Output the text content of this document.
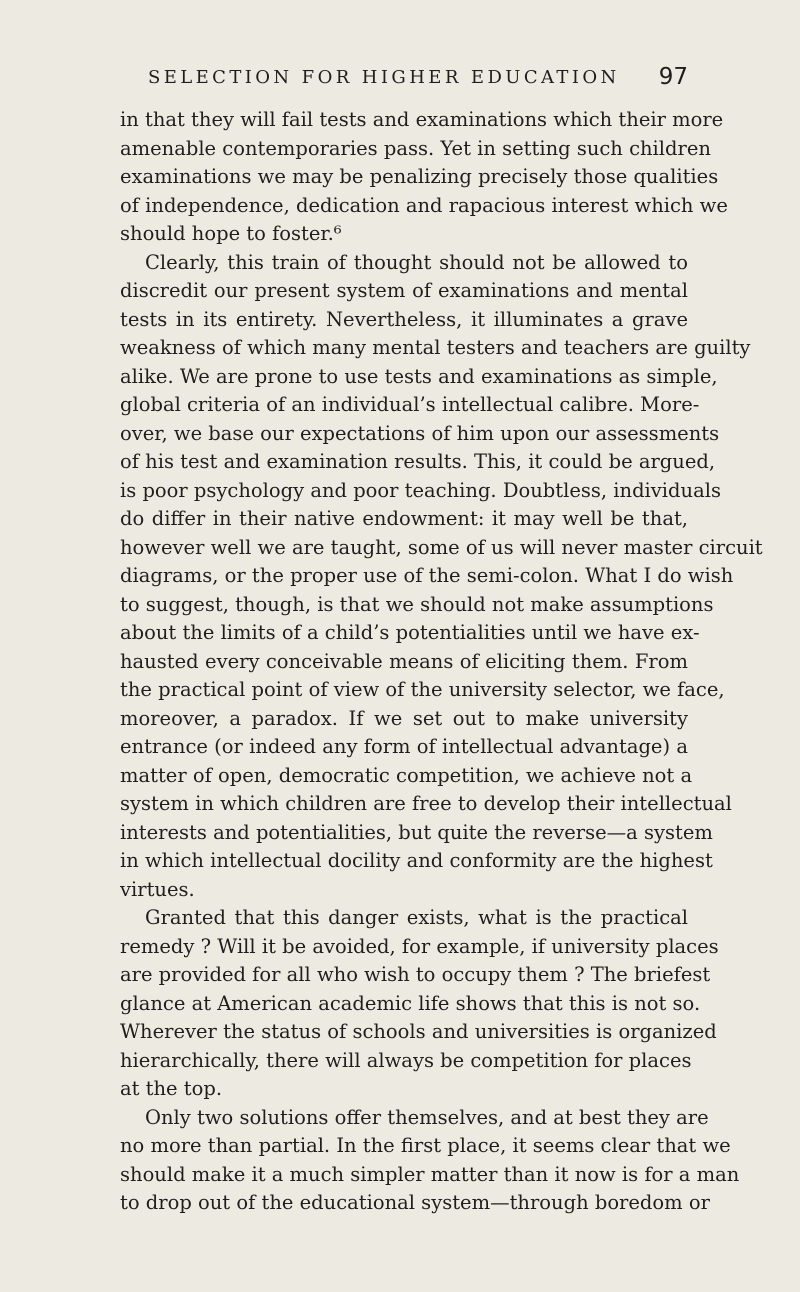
SELECTION FOR HIGHER EDUCATION 97
in that they will fail tests and examinations which their more
amenable contemporaries pass. Yet in setting such children
examinations we may be penalizing precisely those qualities
of independence, dedication and rapacious interest which we
should hope to foster.⁶
Clearly, this train of thought should not be allowed to
discredit our present system of examinations and mental
tests in its entirety. Nevertheless, it illuminates a grave
weakness of which many mental testers and teachers are guilty
alike. We are prone to use tests and examinations as simple,
global criteria of an individual’s intellectual calibre. More-
over, we base our expectations of him upon our assessments
of his test and examination results. This, it could be argued,
is poor psychology and poor teaching. Doubtless, individuals
do differ in their native endowment: it may well be that,
however well we are taught, some of us will never master circuit
diagrams, or the proper use of the semi-colon. What I do wish
to suggest, though, is that we should not make assumptions
about the limits of a child’s potentialities until we have ex-
hausted every conceivable means of eliciting them. From
the practical point of view of the university selector, we face,
moreover, a paradox. If we set out to make university
entrance (or indeed any form of intellectual advantage) a
matter of open, democratic competition, we achieve not a
system in which children are free to develop their intellectual
interests and potentialities, but quite the reverse—a system
in which intellectual docility and conformity are the highest
virtues.
Granted that this danger exists, what is the practical
remedy ? Will it be avoided, for example, if university places
are provided for all who wish to occupy them ? The briefest
glance at American academic life shows that this is not so.
Wherever the status of schools and universities is organized
hierarchically, there will always be competition for places
at the top.
Only two solutions offer themselves, and at best they are
no more than partial. In the first place, it seems clear that we
should make it a much simpler matter than it now is for a man
to drop out of the educational system—through boredom or
